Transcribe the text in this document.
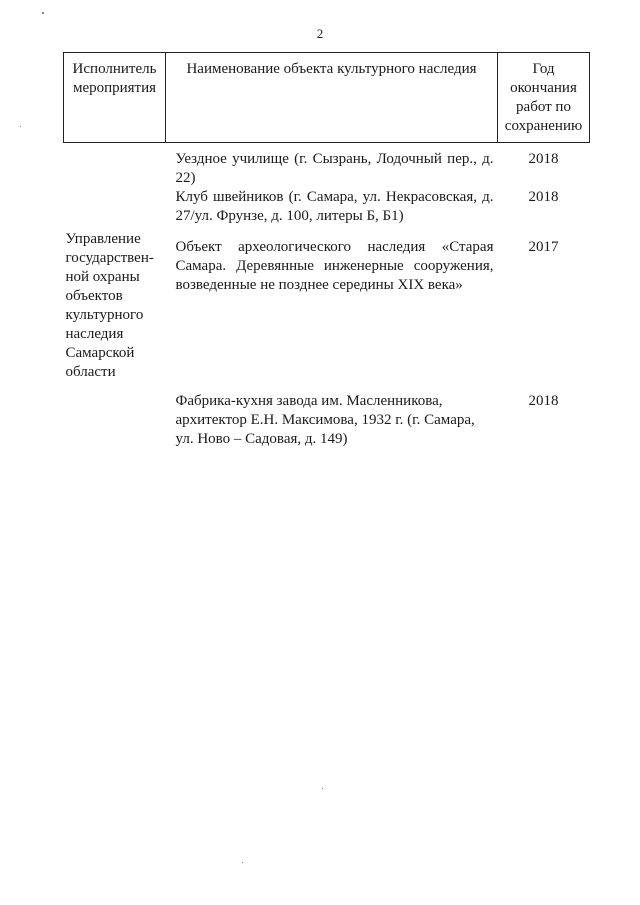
2
Исполнитель мероприятия	Наименование объекта культурного наследия	Год окончания работ по сохранению

Управление государствен-ной охраны объектов культурного наследия Самарской области	Уездное училище (г. Сызрань, Лодочный пер., д. 22)	2018
	Клуб швейников (г. Самара, ул. Некрасовская, д. 27/ул. Фрунзе, д. 100, литеры Б, Б1)	2018
	Объект археологического наследия «Старая Самара. Деревянные инженерные сооружения, возведенные не позднее середины XIX века»	2017
	Фабрика-кухня завода им. Масленникова, архитектор Е.Н. Максимова, 1932 г. (г. Самара, ул. Ново – Садовая, д. 149)	2018
